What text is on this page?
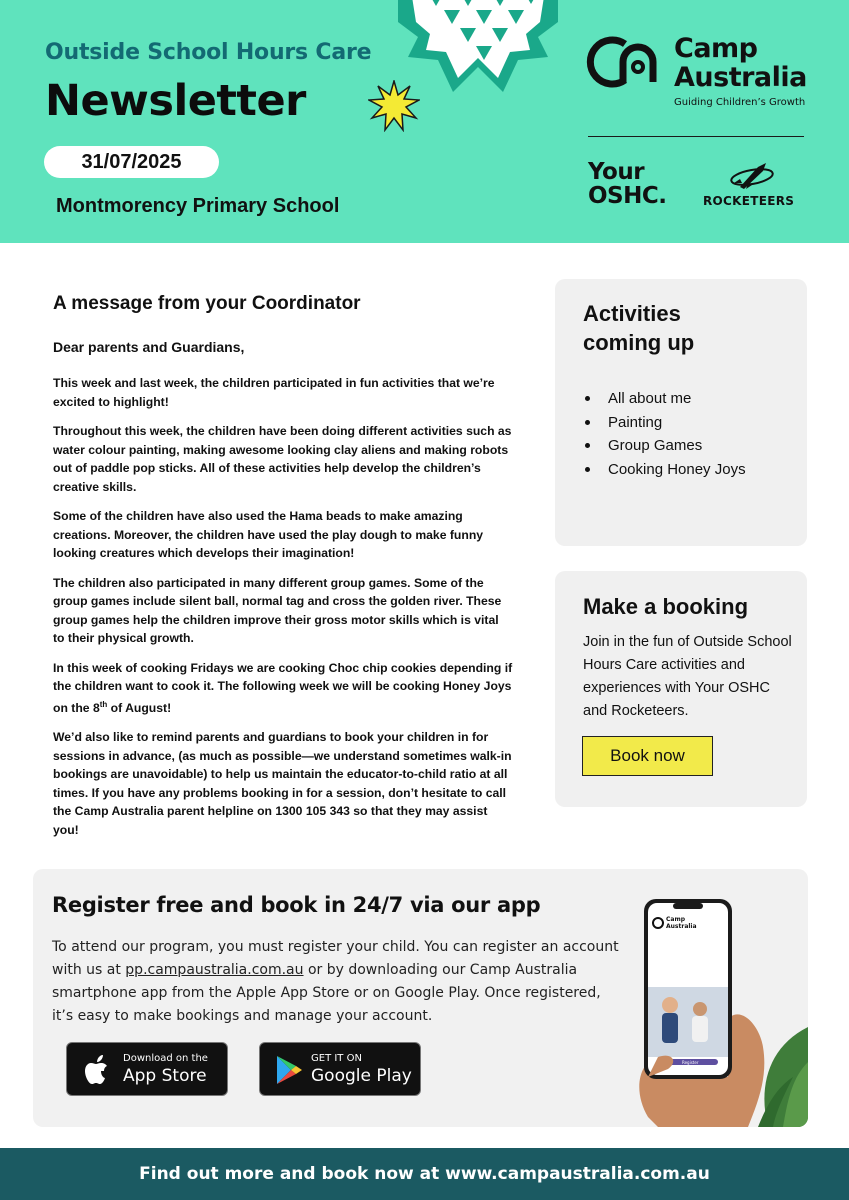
Outside School Hours Care
Newsletter
31/07/2025
Montmorency Primary School
Camp
Australia
Guiding Children’s Growth
Your
OSHC.	ROCKETEERS
A message from your Coordinator
Dear parents and Guardians,

This week and last week, the children participated in fun activities that we’re excited to highlight!

Throughout this week, the children have been doing different activities such as water colour painting, making awesome looking clay aliens and making robots out of paddle pop sticks. All of these activities help develop the children’s creative skills.

Some of the children have also used the Hama beads to make amazing creations. Moreover, the children have used the play dough to make funny looking creatures which develops their imagination!

The children also participated in many different group games. Some of the group games include silent ball, normal tag and cross the golden river. These group games help the children improve their gross motor skills which is vital to their physical growth.

In this week of cooking Fridays we are cooking Choc chip cookies depending if the children want to cook it. The following week we will be cooking Honey Joys on the 8th of August!

We’d also like to remind parents and guardians to book your children in for sessions in advance, (as much as possible—we understand sometimes walk-in bookings are unavoidable) to help us maintain the educator-to-child ratio at all times. If you have any problems booking in for a session, don’t hesitate to call the Camp Australia parent helpline on 1300 105 343 so that they may assist you!

Activities
coming up
All about me
Painting
Group Games
Cooking Honey Joys
Make a booking
Join in the fun of Outside School Hours Care activities and experiences with Your OSHC and Rocketeers.
Book now
Register free and book in 24/7 via our app
To attend our program, you must register your child. You can register an account with us at pp.campaustralia.com.au or by downloading our Camp Australia smartphone app from the Apple App Store or on Google Play. Once registered, it’s easy to make bookings and manage your account.
Download on the
App Store
GET IT ON
Google Play
Camp
Australia
Register
Find out more and book now at www.campaustralia.com.au
